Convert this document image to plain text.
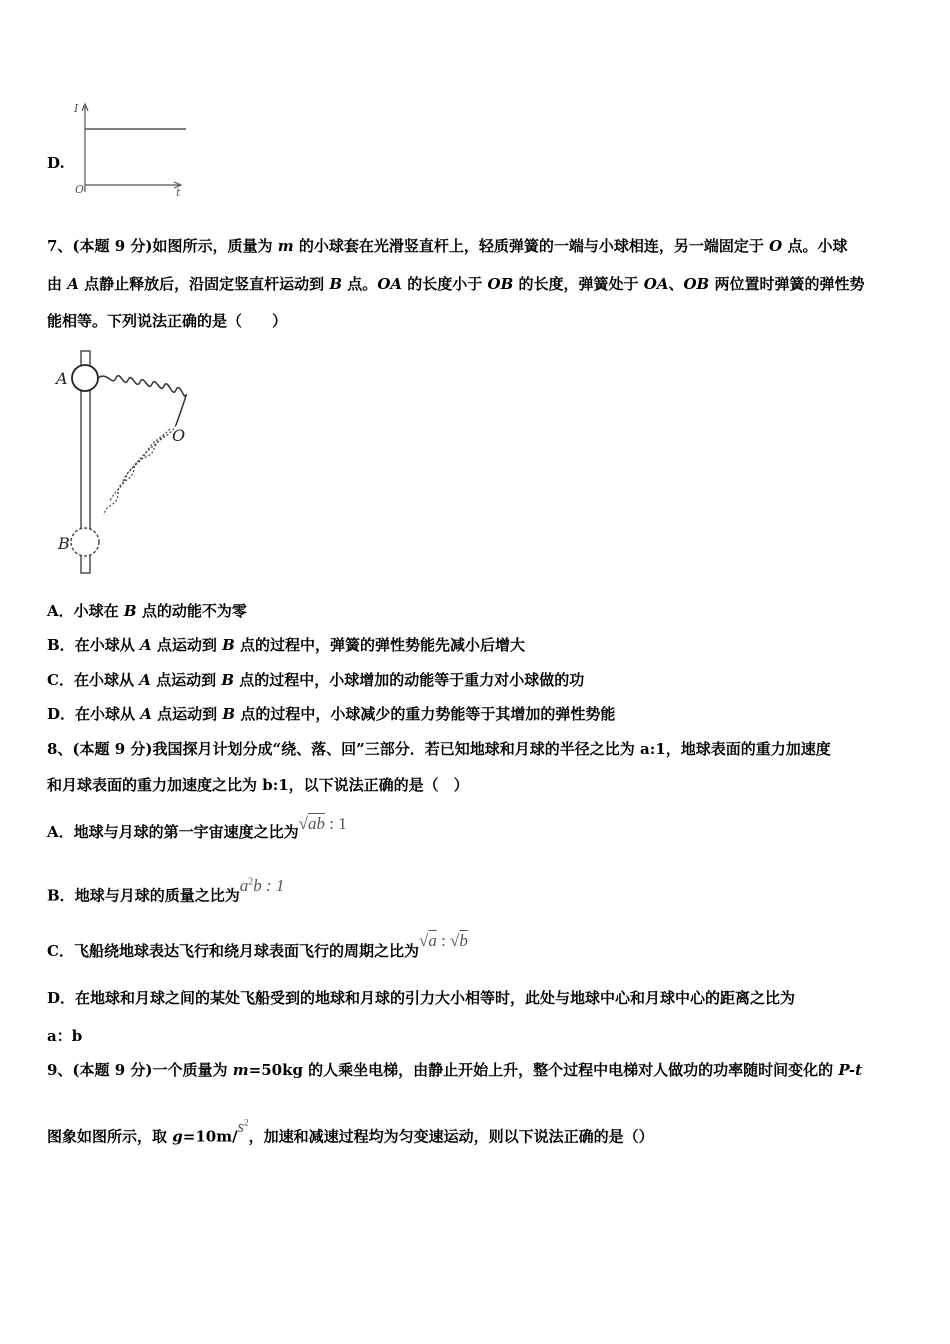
D.
I
O	t
7、(本题 9 分)如图所示，质量为 m 的小球套在光滑竖直杆上，轻质弹簧的一端与小球相连，另一端固定于 O 点。小球
由 A 点静止释放后，沿固定竖直杆运动到 B 点。OA 的长度小于 OB 的长度，弹簧处于 OA、OB 两位置时弹簧的弹性势
能相等。下列说法正确的是（　　）
A
O
B
A．小球在 B 点的动能不为零
B．在小球从 A 点运动到 B 点的过程中，弹簧的弹性势能先减小后增大
C．在小球从 A 点运动到 B 点的过程中，小球增加的动能等于重力对小球做的功
D．在小球从 A 点运动到 B 点的过程中，小球减少的重力势能等于其增加的弹性势能
8、(本题 9 分)我国探月计划分成“绕、落、回”三部分．若已知地球和月球的半径之比为 a:1，地球表面的重力加速度
和月球表面的重力加速度之比为 b:1，以下说法正确的是（　）
A．地球与月球的第一宇宙速度之比为√ab : 1
B．地球与月球的质量之比为$a^2b$ : 1
C．飞船绕地球表达飞行和绕月球表面飞行的周期之比为√a : √b
D．在地球和月球之间的某处飞船受到的地球和月球的引力大小相等时，此处与地球中心和月球中心的距离之比为
a：b
9、(本题 9 分)一个质量为 m=50kg 的人乘坐电梯，由静止开始上升，整个过程中电梯对人做功的功率随时间变化的 P-t
图象如图所示，取 $g=10m/s^2$，加速和减速过程均为匀变速运动，则以下说法正确的是（）
